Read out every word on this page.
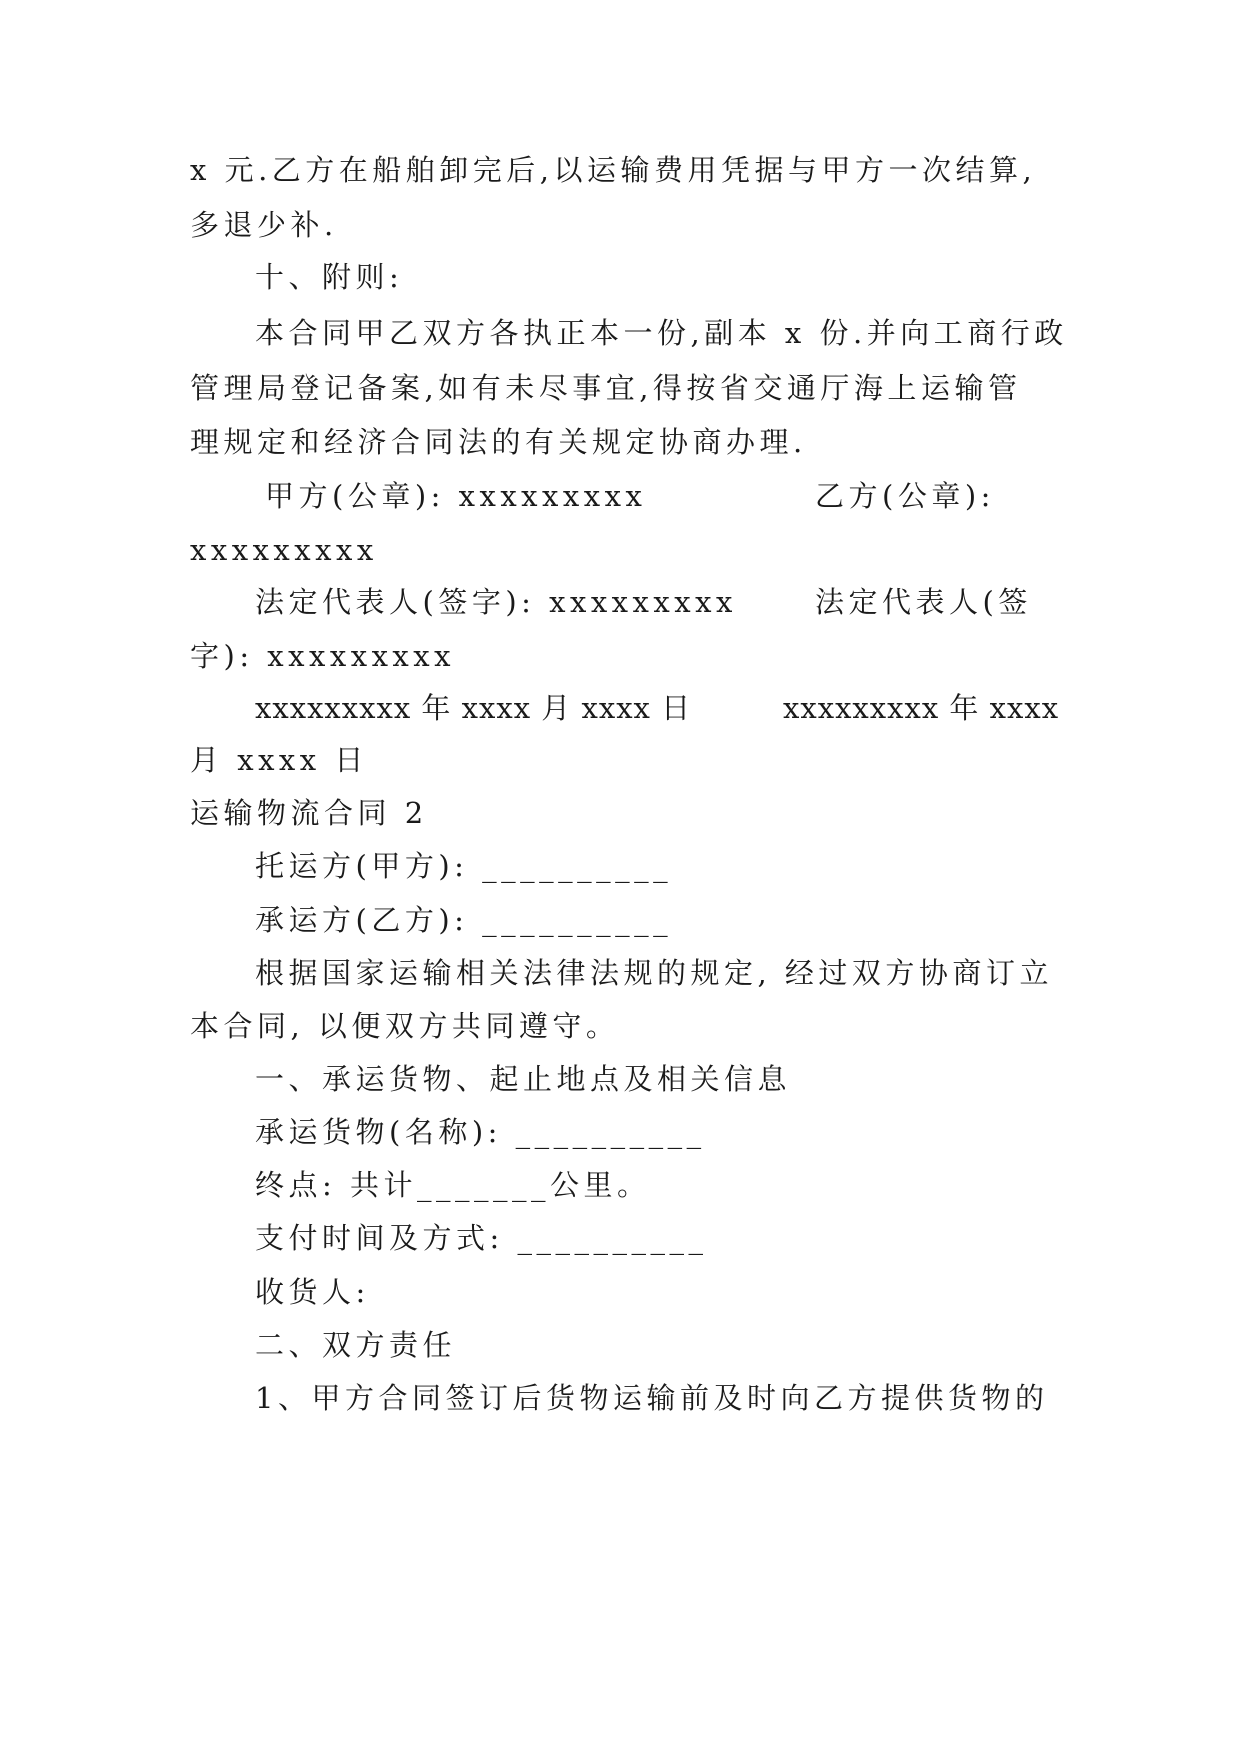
x 元.乙方在船舶卸完后,以运输费用凭据与甲方一次结算,
多退少补.
十、附则:
本合同甲乙双方各执正本一份,副本 x 份.并向工商行政
管理局登记备案,如有未尽事宜,得按省交通厅海上运输管
理规定和经济合同法的有关规定协商办理.
甲方(公章): xxxxxxxxx	乙方(公章):
xxxxxxxxx
法定代表人(签字): xxxxxxxxx	法定代表人(签
字): xxxxxxxxx
xxxxxxxxx 年 xxxx 月 xxxx 日	xxxxxxxxx 年 xxxx
月 xxxx 日
运输物流合同 2
托运方(甲方): __________
承运方(乙方): __________
根据国家运输相关法律法规的规定, 经过双方协商订立
本合同, 以便双方共同遵守。
一、承运货物、起止地点及相关信息
承运货物(名称): __________
终点: 共计_______公里。
支付时间及方式: __________
收货人:
二、双方责任
1、甲方合同签订后货物运输前及时向乙方提供货物的
